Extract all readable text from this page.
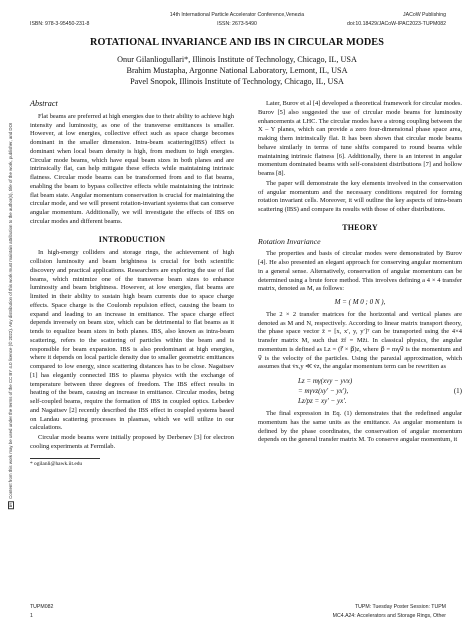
14th International Particle Accelerator Conference,Venezia
ISBN: 978-3-95450-231-8	ISSN: 2673-5490
JACoW Publishing
doi:10.18429/JACoW-IPAC2023-TUPM082
BYContent from this work may be used under the terms of the CC BY 4.0 licence (© 2022). Any distribution of this work must maintain attribution to the author(s), title of the work, publisher, and DOI
ROTATIONAL INVARIANCE AND IBS IN CIRCULAR MODES
Onur Gilanliogullari*, Illinois Institute of Technology, Chicago, IL, USA
Brahim Mustapha, Argonne National Laboratory, Lemont, IL, USA
Pavel Snopok, Illinois Institute of Technology, Chicago, IL, USA
Abstract

Flat beams are preferred at high energies due to their ability to achieve high intensity and luminosity, as one of the transverse emittances is smaller. However, at low energies, collective effect such as space charge becomes dominant in the smaller dimension. Intra-beam scattering(IBS) effect is dominant when local beam density is high, from medium to high energies. Circular mode beams, which have equal beam sizes in both planes and are intrinsically flat, can help mitigate these effects while maintaining intrinsic flatness. Circular mode beams can be transformed from and to flat beams, enabling the beam to bypass collective effects while maintaining the intrinsic flat beam state. Angular momentum conservation is crucial for maintaining the circular mode, and we will present rotation-invariant systems that can conserve angular momentum. Additionally, we will investigate the effects of IBS on circular modes and different beams.

INTRODUCTION

In high-energy colliders and storage rings, the achievement of high collision luminosity and beam brightness is crucial for both scientific discovery and practical applications. Researchers are exploring the use of flat beams, which minimize one of the transverse beam sizes to enhance luminosity and beam brightness. However, at low energies, flat beams are limited in their ability to sustain high beam currents due to space charge effects. Space charge is the Coulomb repulsion effect, causing the beam to expand and leading to an increase in emittance. The space charge effect depends inversely on beam size, which can be detrimental to flat beams as it tends to equalize beam sizes in both planes. IBS, also known as intra-beam scattering, refers to the scattering of particles within the beam and is responsible for beam expansion. IBS is also predominant at high energies, where it depends on local particle density due to smaller geometric emittances compared to low energy, since scattering distances has to be close. Nagaitsev [1] has elegantly connected IBS to plasma physics with the exchange of temperature between three degrees of freedom. The IBS effect results in heating of the beam, causing an increase in emittance. Circular modes, being self-coupled beams, require the formation of IBS in coupled optics. Lebedev and Nagaitsev [2] recently described the IBS effect in coupled systems based on Landau scattering processes in plasmas, which we will utilize in our calculations.

Circular mode beams were initially proposed by Derbenev [3] for electron cooling experiments at Fermilab.

* ogilanli@hawk.iit.edu

Later, Burov et al [4] developed a theoretical framework for circular modes. Burov [5] also suggested the use of circular mode beams for luminosity enhancements at LHC. The circular modes have a strong coupling between the X – Y planes, which can provide a zero four-dimensional phase space area, making them intrinsically flat. It has been shown that circular mode beams behave similarly in terms of tune shifts compared to round beams while maintaining intrinsic flatness [6]. Additionally, there is an interest in angular momentum dominated beams with self-consistent distributions [7] and hollow beams [8].

The paper will demonstrate the key elements involved in the conservation of angular momentum and the necessary conditions required for forming rotation invariant cells. Moreover, it will outline the key aspects of intra-beam scattering (IBS) and compare its results with those of other distributions.

THEORY
Rotation Invariance

The properties and basis of circular modes were demonstrated by Burov [4]. He also presented an elegant approach for conserving angular momentum in a general sense. Alternatively, conservation of angular momentum can be determined using a brute force method. This involves defining a 4 × 4 transfer matrix, denoted as M, as follows:

M = ( M 0 ; 0 N ),

The 2 × 2 transfer matrices for the horizontal and vertical planes are denoted as M and N, respectively. According to linear matrix transport theory, the phase space vector z̄ = [x, x′, y, y′]ᵀ can be transported using the 4×4 transfer matrix M, such that z̄f = Mz̄i. In classical physics, the angular momentum is defined as Lz = (r⃗ × p⃗)z, where p⃗ = mγv⃗ is the momentum and v⃗ is the velocity of the particles. Using the paraxial approximation, which assumes that v̇x,y ≪ v̇z, the angular momentum term can be rewritten as

Lz = mγ(xvy − yvx)
= mγvz(xy′ − yx′),
Lz/pz = xy′ − yx′.
(1)

The final expression in Eq. (1) demonstrates that the redefined angular momentum has the same units as the emittance. As angular momentum is defined by the phase coordinates, the conservation of angular momentum depends on the general transfer matrix M. To conserve angular momentum, it

TUPM082
1
TUPM: Tuesday Poster Session: TUPM
MC4.A24: Accelerators and Storage Rings, Other
